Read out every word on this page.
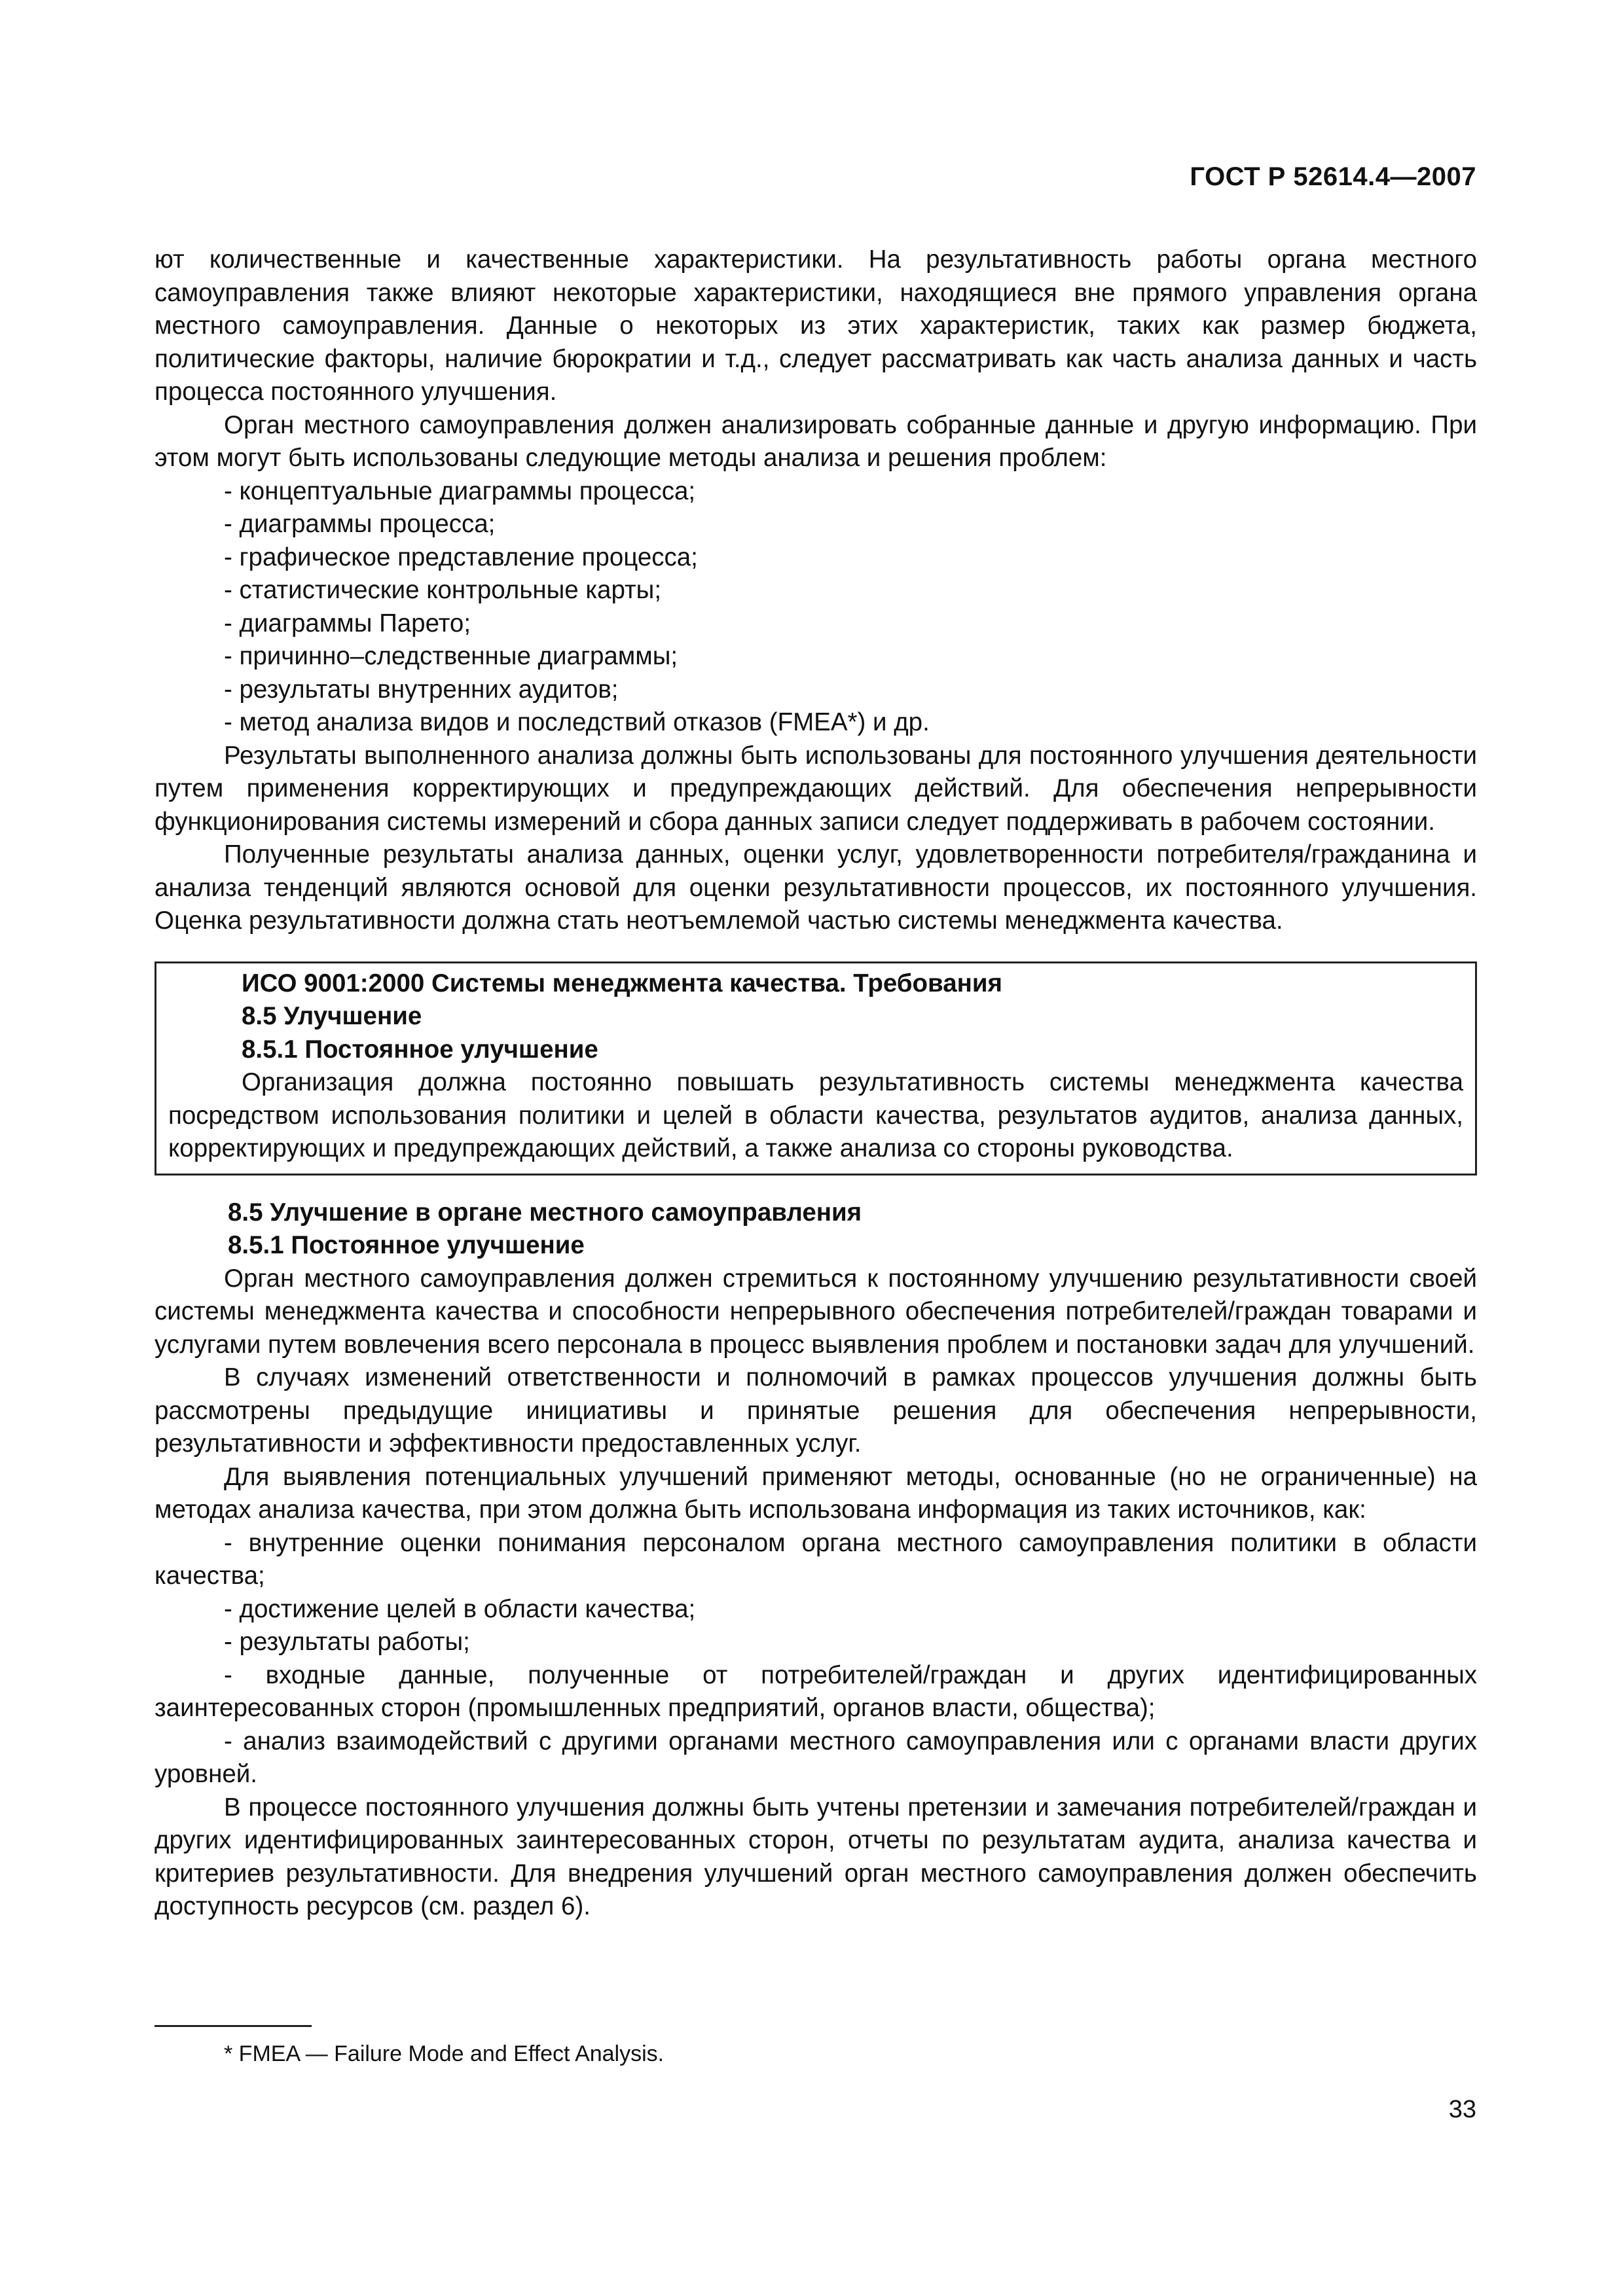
ГОСТ Р 52614.4—2007

ют количественные и качественные характеристики. На результативность работы органа местного самоуправления также влияют некоторые характеристики, находящиеся вне прямого управления органа местного самоуправления. Данные о некоторых из этих характеристик, таких как размер бюджета, политические факторы, наличие бюрократии и т.д., следует рассматривать как часть анализа данных и часть процесса постоянного улучшения.

Орган местного самоуправления должен анализировать собранные данные и другую информацию. При этом могут быть использованы следующие методы анализа и решения проблем:

- концептуальные диаграммы процесса;

- диаграммы процесса;

- графическое представление процесса;

- статистические контрольные карты;

- диаграммы Парето;

- причинно–следственные диаграммы;

- результаты внутренних аудитов;

- метод анализа видов и последствий отказов (FMEA*) и др.

Результаты выполненного анализа должны быть использованы для постоянного улучшения деятельности путем применения корректирующих и предупреждающих действий. Для обеспечения непрерывности функционирования системы измерений и сбора данных записи следует поддерживать в рабочем состоянии.

Полученные результаты анализа данных, оценки услуг, удовлетворенности потребителя/гражданина и анализа тенденций являются основой для оценки результативности процессов, их постоянного улучшения. Оценка результативности должна стать неотъемлемой частью системы менеджмента качества.

ИСО 9001:2000 Системы менеджмента качества. Требования

8.5 Улучшение

8.5.1 Постоянное улучшение

Организация должна постоянно повышать результативность системы менеджмента качества посредством использования политики и целей в области качества, результатов аудитов, анализа данных, корректирующих и предупреждающих действий, а также анализа со стороны руководства.

8.5 Улучшение в органе местного самоуправления

8.5.1 Постоянное улучшение

Орган местного самоуправления должен стремиться к постоянному улучшению результативности своей системы менеджмента качества и способности непрерывного обеспечения потребителей/граждан товарами и услугами путем вовлечения всего персонала в процесс выявления проблем и постановки задач для улучшений.

В случаях изменений ответственности и полномочий в рамках процессов улучшения должны быть рассмотрены предыдущие инициативы и принятые решения для обеспечения непрерывности, результативности и эффективности предоставленных услуг.

Для выявления потенциальных улучшений применяют методы, основанные (но не ограниченные) на методах анализа качества, при этом должна быть использована информация из таких источников, как:

- внутренние оценки понимания персоналом органа местного самоуправления политики в области качества;

- достижение целей в области качества;

- результаты работы;

- входные данные, полученные от потребителей/граждан и других идентифицированных заинтересованных сторон (промышленных предприятий, органов власти, общества);

- анализ взаимодействий с другими органами местного самоуправления или с органами власти других уровней.

В процессе постоянного улучшения должны быть учтены претензии и замечания потребителей/граждан и других идентифицированных заинтересованных сторон, отчеты по результатам аудита, анализа качества и критериев результативности. Для внедрения улучшений орган местного самоуправления должен обеспечить доступность ресурсов (см. раздел 6).

* FMEA — Failure Mode and Effect Analysis.
33
